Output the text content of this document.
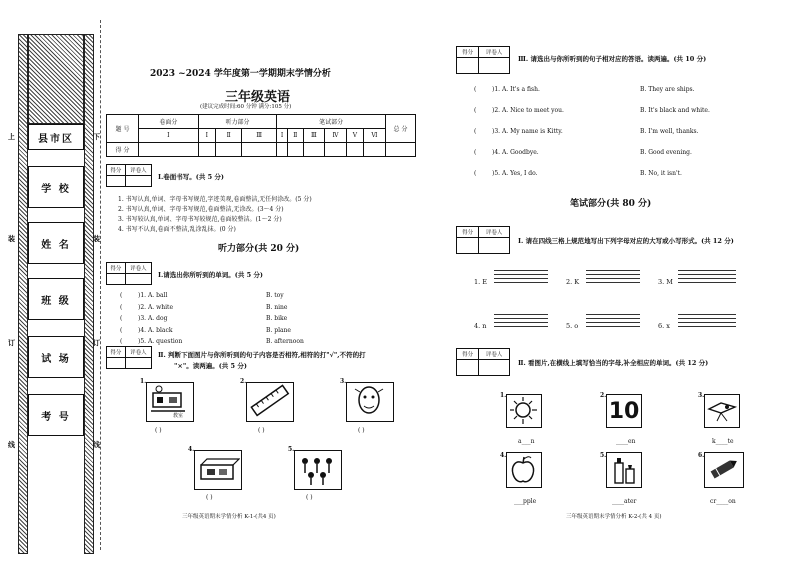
上
装
订
线
下
装
订
线
县市区
学 校
姓 名
班 级
试 场
考 号
2023 ~2024 学年度第一学期期末学情分析
三年级英语
(建议完成时间:60 分钟 满分:105 分)
题 号	卷面分	听力部分			笔试部分						总 分
	Ⅰ	Ⅰ	Ⅱ	Ⅲ	Ⅰ	Ⅱ	Ⅲ	Ⅳ	Ⅴ	Ⅵ	
得 分											
得分	评卷人

Ⅰ.卷面书写。(共 5 分)
1. 书写认真,单词、字母书写规范,字迹美观,卷面整洁,无任何涂改。(5 分)
2. 书写认真,单词、字母书写规范,卷面整洁,无涂改。(3～4 分)
3. 书写较认真,单词、字母书写较规范,卷面较整洁。(1～2 分)
4. 书写不认真,卷面不整洁,乱涂乱抹。(0 分)
听力部分(共 20 分)
得分	评卷人

Ⅰ.请选出你所听到的单词。(共 5 分)
(	)1. A. ball	B. toy
(	)2. A. white	B. nine
(	)3. A. dog	B. bike
(	)4. A. black	B. plane
(	)5. A. question	B. afternoon
得分	评卷人
	Ⅱ. 判断下面图片与你所听到的句子内容是否相符,相符的打"√",不符的打
"×"。读两遍。(共 5 分)
1.
教室
( )
2.
( )
3.
( )
4.
( )
5.
( )
三年级英语期末学情分析 K-1-(共4 页)
得分	评卷人

Ⅲ. 请选出与你所听到的句子相对应的答语。读两遍。(共 10 分)
(	)1. A. It's a fish.	B. They are ships.
(	)2. A. Nice to meet you.	B. It's black and white.
(	)3. A. My name is Kitty.	B. I'm well, thanks.
(	)4. A. Goodbye.	B. Good evening.
(	)5. A. Yes, I do.	B. No, it isn't.
笔试部分(共 80 分)
得分	评卷人

Ⅰ. 请在四线三格上规范地写出下列字母对应的大写或小写形式。(共 12 分)
1. E	2. K	3. M
4. n	5. o	6. x
得分	评卷人

Ⅱ. 看图片,在横线上填写恰当的字母,补全相应的单词。(共 12 分)
1.
a___n
2.
10
____en
3.
k____te
4.
___pple
5.
____ater
6.
cr____on
三年级英语期末学情分析 K-2-(共 4 页)
